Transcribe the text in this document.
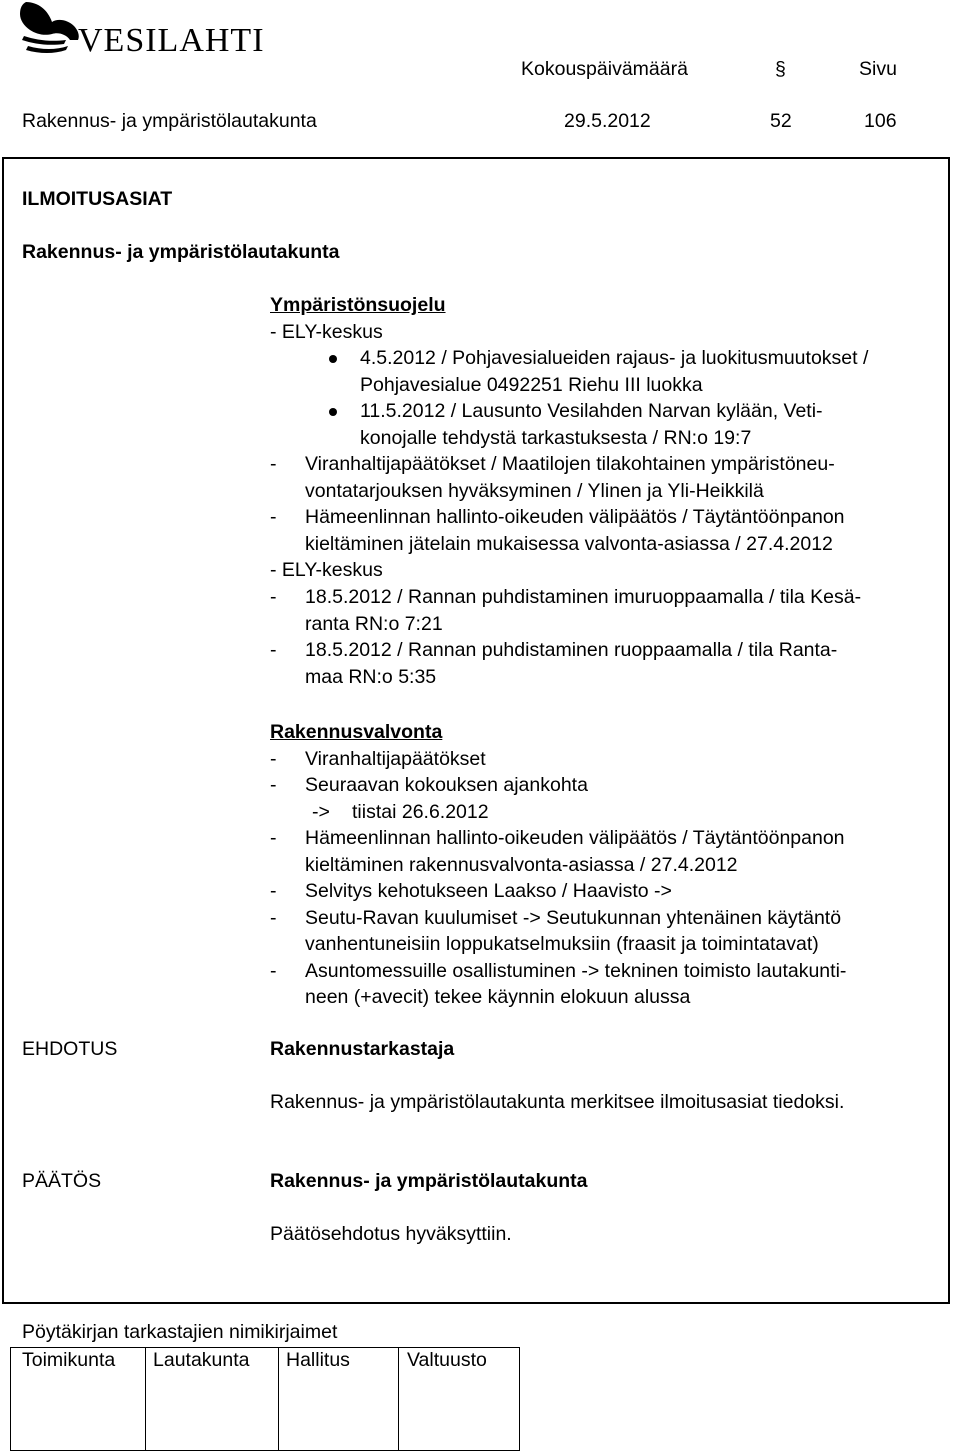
VESILAHTI
Kokouspäivämäärä	§	Sivu
Rakennus- ja ympäristölautakunta	29.5.2012	52	106
ILMOITUSASIAT
Rakennus- ja ympäristölautakunta
Ympäristönsuojelu
- ELY-keskus
4.5.2012 / Pohjavesialueiden rajaus- ja luokitusmuutokset /
Pohjavesialue 0492251 Riehu III luokka
11.5.2012 / Lausunto Vesilahden Narvan kylään, Veti-
konojalle tehdystä tarkastuksesta / RN:o 19:7
- Viranhaltijapäätökset / Maatilojen tilakohtainen ympäristöneu-
vontatarjouksen hyväksyminen / Ylinen ja Yli-Heikkilä
- Hämeenlinnan hallinto-oikeuden välipäätös / Täytäntöönpanon
kieltäminen jätelain mukaisessa valvonta-asiassa / 27.4.2012
- ELY-keskus
- 18.5.2012 / Rannan puhdistaminen imuruoppaamalla / tila Kesä-
ranta RN:o 7:21
- 18.5.2012 / Rannan puhdistaminen ruoppaamalla / tila Ranta-
maa RN:o 5:35
Rakennusvalvonta
- Viranhaltijapäätökset
- Seuraavan kokouksen ajankohta
-> tiistai 26.6.2012
- Hämeenlinnan hallinto-oikeuden välipäätös / Täytäntöönpanon
kieltäminen rakennusvalvonta-asiassa / 27.4.2012
- Selvitys kehotukseen Laakso / Haavisto ->
- Seutu-Ravan kuulumiset -> Seutukunnan yhtenäinen käytäntö
vanhentuneisiin loppukatselmuksiin (fraasit ja toimintatavat)
- Asuntomessuille osallistuminen -> tekninen toimisto lautakunti-
neen (+avecit) tekee käynnin elokuun alussa
EHDOTUS	Rakennustarkastaja
Rakennus- ja ympäristölautakunta merkitsee ilmoitusasiat tiedoksi.
PÄÄTÖS	Rakennus- ja ympäristölautakunta
Päätösehdotus hyväksyttiin.
Pöytäkirjan tarkastajien nimikirjaimet
Toimikunta Lautakunta Hallitus	Valtuusto
